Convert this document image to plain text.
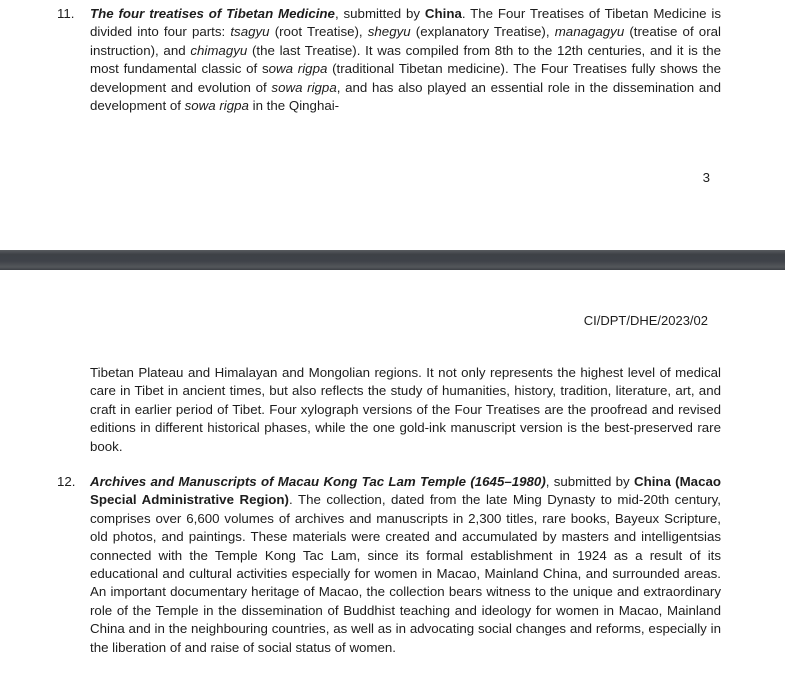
11. The four treatises of Tibetan Medicine, submitted by China. The Four Treatises of Tibetan Medicine is divided into four parts: tsagyu (root Treatise), shegyu (explanatory Treatise), managagyu (treatise of oral instruction), and chimagyu (the last Treatise). It was compiled from 8th to the 12th centuries, and it is the most fundamental classic of sowa rigpa (traditional Tibetan medicine). The Four Treatises fully shows the development and evolution of sowa rigpa, and has also played an essential role in the dissemination and development of sowa rigpa in the Qinghai-

3
CI/DPT/DHE/2023/02

Tibetan Plateau and Himalayan and Mongolian regions. It not only represents the highest level of medical care in Tibet in ancient times, but also reflects the study of humanities, history, tradition, literature, art, and craft in earlier period of Tibet. Four xylograph versions of the Four Treatises are the proofread and revised editions in different historical phases, while the one gold-ink manuscript version is the best-preserved rare book.

12. Archives and Manuscripts of Macau Kong Tac Lam Temple (1645–1980), submitted by China (Macao Special Administrative Region). The collection, dated from the late Ming Dynasty to mid-20th century, comprises over 6,600 volumes of archives and manuscripts in 2,300 titles, rare books, Bayeux Scripture, old photos, and paintings. These materials were created and accumulated by masters and intelligentsias connected with the Temple Kong Tac Lam, since its formal establishment in 1924 as a result of its educational and cultural activities especially for women in Macao, Mainland China, and surrounded areas. An important documentary heritage of Macao, the collection bears witness to the unique and extraordinary role of the Temple in the dissemination of Buddhist teaching and ideology for women in Macao, Mainland China and in the neighbouring countries, as well as in advocating social changes and reforms, especially in the liberation of and raise of social status of women.
